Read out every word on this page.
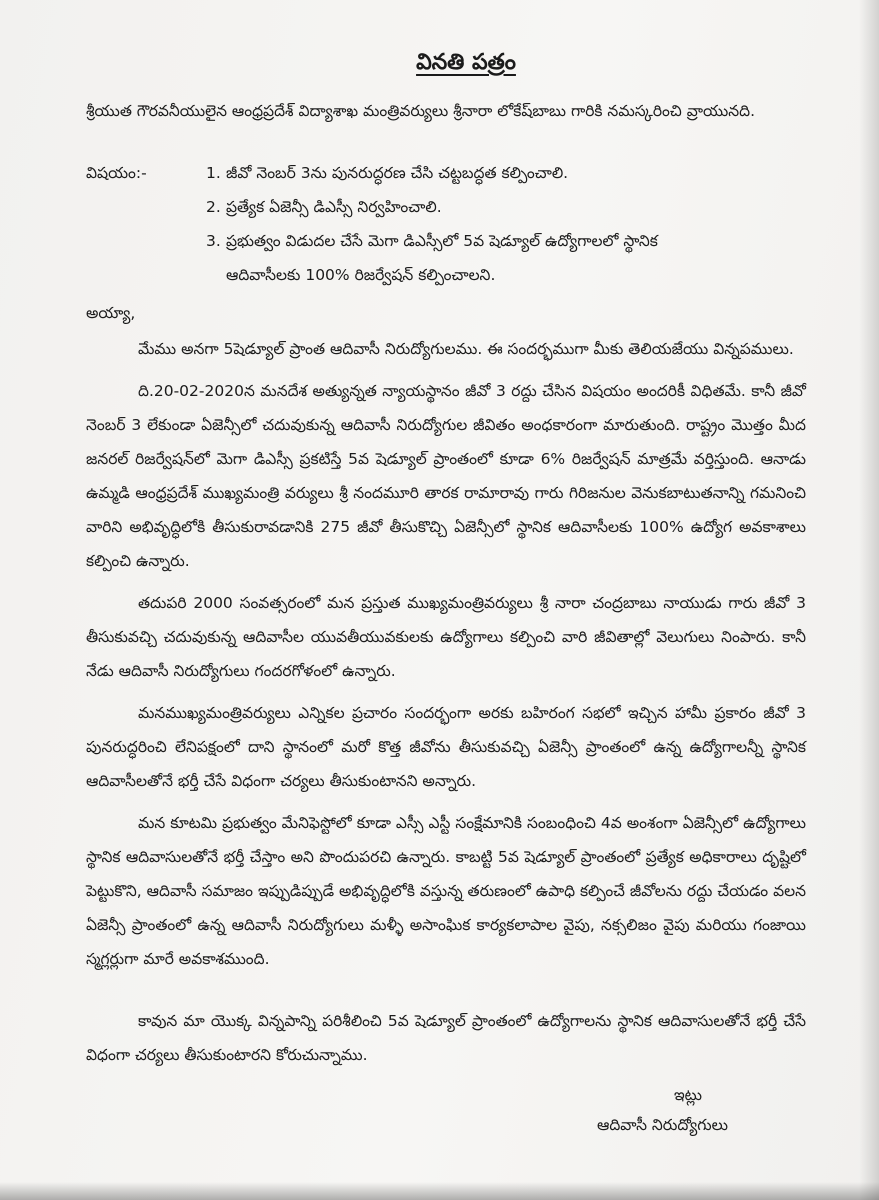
వినతి పత్రం
శ్రీయుత గౌరవనీయులైన ఆంధ్రప్రదేశ్ విద్యాశాఖ మంత్రివర్యులు శ్రీనారా లోకేష్‌బాబు గారికి నమస్కరించి వ్రాయునది.
విషయం:-	1. జీవో నెంబర్ 3ను పునరుద్ధరణ చేసి చట్టబద్ధత కల్పించాలి.
2. ప్రత్యేక ఏజెన్సీ డిఎస్సీ నిర్వహించాలి.
3. ప్రభుత్వం విడుదల చేసే మెగా డిఎస్సీలో 5వ షెడ్యూల్ ఉద్యోగాలలో స్థానిక
ఆదివాసీలకు 100% రిజర్వేషన్ కల్పించాలని.
అయ్యా,

మేము అనగా 5షెడ్యూల్ ప్రాంత ఆదివాసీ నిరుద్యోగులము. ఈ సందర్భముగా మీకు తెలియజేయు విన్నపములు.

ది.20-02-2020న మనదేశ అత్యున్నత న్యాయస్థానం జీవో 3 రద్దు చేసిన విషయం అందరికీ విధితమే. కానీ జీవో నెంబర్ 3 లేకుండా ఏజెన్సీలో చదువుకున్న ఆదివాసీ నిరుద్యోగుల జీవితం అంధకారంగా మారుతుంది. రాష్ట్రం మొత్తం మీద జనరల్ రిజర్వేషన్‌లో మెగా డిఎస్సీ ప్రకటిస్తే 5వ షెడ్యూల్ ప్రాంతంలో కూడా 6% రిజర్వేషన్ మాత్రమే వర్తిస్తుంది. ఆనాడు ఉమ్మడి ఆంధ్రప్రదేశ్ ముఖ్యమంత్రి వర్యులు శ్రీ నందమూరి తారక రామారావు గారు గిరిజనుల వెనుకబాటుతనాన్ని గమనించి వారిని అభివృద్ధిలోకి తీసుకురావడానికి 275 జీవో తీసుకొచ్చి ఏజెన్సీలో స్థానిక ఆదివాసీలకు 100% ఉద్యోగ అవకాశాలు కల్పించి ఉన్నారు.

తదుపరి 2000 సంవత్సరంలో మన ప్రస్తుత ముఖ్యమంత్రివర్యులు శ్రీ నారా చంద్రబాబు నాయుడు గారు జీవో 3 తీసుకువచ్చి చదువుకున్న ఆదివాసీల యువతీయువకులకు ఉద్యోగాలు కల్పించి వారి జీవితాల్లో వెలుగులు నింపారు. కానీ నేడు ఆదివాసీ నిరుద్యోగులు గందరగోళంలో ఉన్నారు.

మనముఖ్యమంత్రివర్యులు ఎన్నికల ప్రచారం సందర్భంగా అరకు బహిరంగ సభలో ఇచ్చిన హామీ ప్రకారం జీవో 3 పునరుద్ధరించి లేనిపక్షంలో దాని స్థానంలో మరో కొత్త జీవోను తీసుకువచ్చి ఏజెన్సీ ప్రాంతంలో ఉన్న ఉద్యోగాలన్నీ స్థానిక ఆదివాసీలతోనే భర్తీ చేసే విధంగా చర్యలు తీసుకుంటానని అన్నారు.

మన కూటమి ప్రభుత్వం మేనిఫెస్టోలో కూడా ఎస్సీ ఎస్టీ సంక్షేమానికి సంబంధించి 4వ అంశంగా ఏజెన్సీలో ఉద్యోగాలు స్థానిక ఆదివాసులతోనే భర్తీ చేస్తాం అని పొందుపరచి ఉన్నారు. కాబట్టి 5వ షెడ్యూల్ ప్రాంతంలో ప్రత్యేక అధికారాలు దృష్టిలో పెట్టుకొని, ఆదివాసీ సమాజం ఇప్పుడిప్పుడే అభివృద్ధిలోకి వస్తున్న తరుణంలో ఉపాధి కల్పించే జీవోలను రద్దు చేయడం వలన ఏజెన్సీ ప్రాంతంలో ఉన్న ఆదివాసీ నిరుద్యోగులు మళ్ళీ అసాంఘిక కార్యకలాపాల వైపు, నక్సలిజం వైపు మరియు గంజాయి స్మగ్లర్లుగా మారే అవకాశముంది.

కావున మా యొక్క విన్నపాన్ని పరిశీలించి 5వ షెడ్యూల్ ప్రాంతంలో ఉద్యోగాలను స్థానిక ఆదివాసులతోనే భర్తీ చేసే విధంగా చర్యలు తీసుకుంటారని కోరుచున్నాము.

ఇట్లు
ఆదివాసీ నిరుద్యోగులు
